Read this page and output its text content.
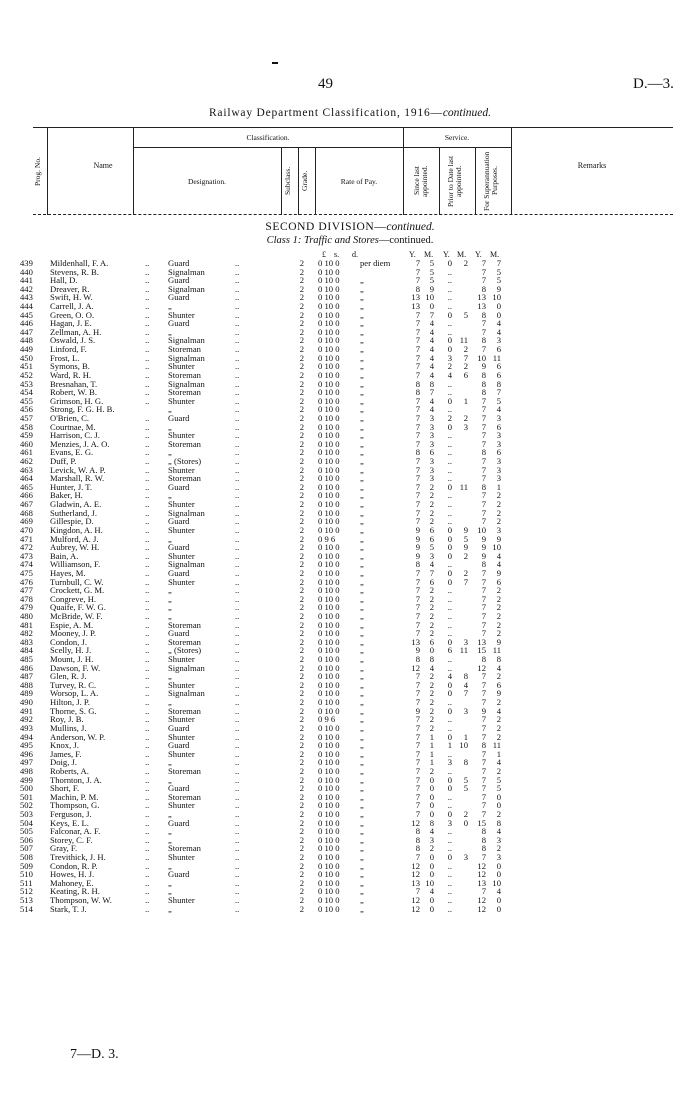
49	D.—3.
Railway Department Classification, 1916—continued.
Prog. No.	Name
Classification.
Designation.	Subclass. Grade.	Rate of Pay.
Service.
Since last appointed. Prior to Date last appointed.	For Superannuation Purposes.
Remarks
SECOND DIVISION—continued.
Class 1: Traffic and Stores—continued.
£ s. d.	Y. M. Y. M. Y. M.
439	Mildenhall, F. A.	.. Guard	..	2 0 10 0 per diem	7	5	0	2	7	7
440	Stevens, R. B.	.. Signalman	..	2 0 10 0	7	5	..	7	5
441	Hall, D.	.. Guard	..	2 0 10 0 „	7	5	..	7	5
442	Dreaver, R.	.. Signalman	..	2 0 10 0 „	8	9	..	8	9
443	Swift, H. W.	.. Guard	..	2 0 10 0 „	13 10	..	13 10
444	Carrell, J. A.	.. „	..	2 0 10 0 „	13	0	..	13	0
445	Green, O. O.	.. Shunter	..	2 0 10 0 „	7	7	0	5	8	0
446	Hagan, J. E.	.. Guard	..	2 0 10 0 „	7	4	..	7	4
447	Zellman, A. H.	.. „	..	2 0 10 0 „	7	4	..	7	4
448	Oswald, J. S.	.. Signalman	..	2 0 10 0 „	7	4	0 11	8	3
449	Linford, F.	.. Storeman	..	2 0 10 0 „	7	4	0	2	7	6
450	Frost, L.	.. Signalman	..	2 0 10 0 „	7	4	3	7	10 11
451	Symons, B.	.. Shunter	..	2 0 10 0 „	7	4	2	2	9	6
452	Ward, R. H.	.. Storeman	..	2 0 10 0 „	7	4	4	6	8	6
453	Bresnahan, T.	.. Signalman	..	2 0 10 0 „	8	8	..	8	8
454	Robert, W. B.	.. Storeman	..	2 0 10 0 „	8	7	..	8	7
455	Grimson, H. G.	.. Shunter	..	2 0 10 0 „	7	4	0	1	7	5
456	Strong, F. G. H. B.	„	..	2 0 10 0 „	7	4	..	7	4
457	O'Brien, C.	.. Guard	..	2 0 10 0 „	7	3	2	2	7	3
458	Courtnae, M.	.. „	..	2 0 10 0 „	7	3	0	3	7	6
459	Harrison, C. J.	.. Shunter	..	2 0 10 0 „	7	3	..	7	3
460	Menzies, J. A. O.	.. Storeman	..	2 0 10 0 „	7	3	..	7	3
461	Evans, E. G.	.. „	..	2 0 10 0 „	8	6	..	8	6
462	Duff, P.	.. „ (Stores)	..	2 0 10 0 „	7	3	..	7	3
463	Levick, W. A. P.	.. Shunter	..	2 0 10 0 „	7	3	..	7	3
464	Marshall, R. W.	.. Storeman	..	2 0 10 0 „	7	3	..	7	3
465	Hunter, J. T.	.. Guard	..	2 0 10 0 „	7	2	0 11	8	1
466	Baker, H.	.. „	..	2 0 10 0 „	7	2	..	7	2
467	Gladwin, A. E.	.. Shunter	..	2 0 10 0 „	7	2	..	7	2
468	Sutherland, J.	.. Signalman	..	2 0 10 0 „	7	2	..	7	2
469	Gillespie, D.	.. Guard	..	2 0 10 0 „	7	2	..	7	2
470	Kingdon, A. H.	.. Shunter	..	2 0 10 0 „	9	6	0	9	10	3
471	Mulford, A. J.	.. „	..	2 0 9 6	„	9	6	0	5	9	9
472	Aubrey, W. H.	.. Guard	..	2 0 10 0 „	9	5	0	9	9 10
473	Bain, A.	.. Shunter	..	2 0 10 0 „	9	3	0	2	9	4
474	Williamson, F.	.. Signalman	..	2 0 10 0 „	8	4	..	8	4
475	Hayes, M.	.. Guard	..	2 0 10 0 „	7	7	0	2	7	9
476	Turnbull, C. W.	.. Shunter	..	2 0 10 0 „	7	6	0	7	7	6
477	Crockett, G. M.	.. „	..	2 0 10 0 „	7	2	..	7	2
478	Congreve, H.	.. „	..	2 0 10 0 „	7	2	..	7	2
479	Quaife, F. W. G.	.. „	..	2 0 10 0 „	7	2	..	7	2
480	McBride, W. F.	.. „	..	2 0 10 0 „	7	2	..	7	2
481	Espie, A. M.	.. Storeman	..	2 0 10 0 „	7	2	..	7	2
482	Mooney, J. P.	.. Guard	..	2 0 10 0 „	7	2	..	7	2
483	Condon, J.	.. Storeman	..	2 0 10 0 „	13	6	0	3	13	9
484	Scelly, H. J.	.. „ (Stores)	..	2 0 10 0 „	9	0	6 11	15 11
485	Mount, J. H.	.. Shunter	..	2 0 10 0 „	8	8	..	8	8
486	Dawson, F. W.	.. Signalman	..	2 0 10 0 „	12	4	..	12	4
487	Glen, R. J.	.. „	..	2 0 10 0 „	7	2	4	8	7	2
488	Turvey, R. C.	.. Shunter	..	2 0 10 0 „	7	2	0	4	7	6
489	Worsop, L. A.	.. Signalman	..	2 0 10 0 „	7	2	0	7	7	9
490	Hilton, J. P.	.. „	..	2 0 10 0 „	7	2	..	7	2
491	Thorne, S. G.	.. Storeman	..	2 0 10 0 „	9	2	0	3	9	4
492	Roy, J. B.	.. Shunter	..	2 0 9 6	„	7	2	..	7	2
493	Mullins, J.	.. Guard	..	2 0 10 0 „	7	2	..	7	2
494	Anderson, W. P.	.. Shunter	..	2 0 10 0 „	7	1	0	1	7	2
495	Knox, J.	.. Guard	..	2 0 10 0 „	7	1	1 10	8 11
496	James, F.	.. Shunter	..	2 0 10 0 „	7	1	..	7	1
497	Doig, J.	.. „	..	2 0 10 0 „	7	1	3	8	7	4
498	Roberts, A.	.. Storeman	..	2 0 10 0 „	7	2	..	7	2
499	Thornton, J. A.	.. „	..	2 0 10 0 „	7	0	0	5	7	5
500	Short, F.	.. Guard	..	2 0 10 0 „	7	0	0	5	7	5
501	Machin, P. M.	.. Storeman	..	2 0 10 0 „	7	0	..	7	0
502	Thompson, G.	.. Shunter	..	2 0 10 0 „	7	0	..	7	0
503	Ferguson, J.	.. „	..	2 0 10 0 „	7	0	0	2	7	2
504	Keys, E. L.	.. Guard	..	2 0 10 0 „	12	8	3	0	15	8
505	Falconar, A. F.	.. „	..	2 0 10 0 „	8	4	..	8	4
506	Storey, C. F.	.. „	..	2 0 10 0 „	8	3	..	8	3
507	Gray, F.	.. Storeman	..	2 0 10 0 „	8	2	..	8	2
508	Trevithick, J. H.	.. Shunter	..	2 0 10 0 „	7	0	0	3	7	3
509	Condon, R. P.	.. „	..	2 0 10 0 „	12	0	..	12	0
510	Howes, H. J.	.. Guard	..	2 0 10 0 „	12	0	..	12	0
511	Mahoney, E.	.. „	..	2 0 10 0 „	13 10	..	13 10
512	Keating, R. H.	.. „	..	2 0 10 0 „	7	4	..	7	4
513	Thompson, W. W.	.. Shunter	..	2 0 10 0 „	12	0	..	12	0
514	Stark, T. J.	.. „	..	2 0 10 0 „	12	0	..	12	0
7—D. 3.
